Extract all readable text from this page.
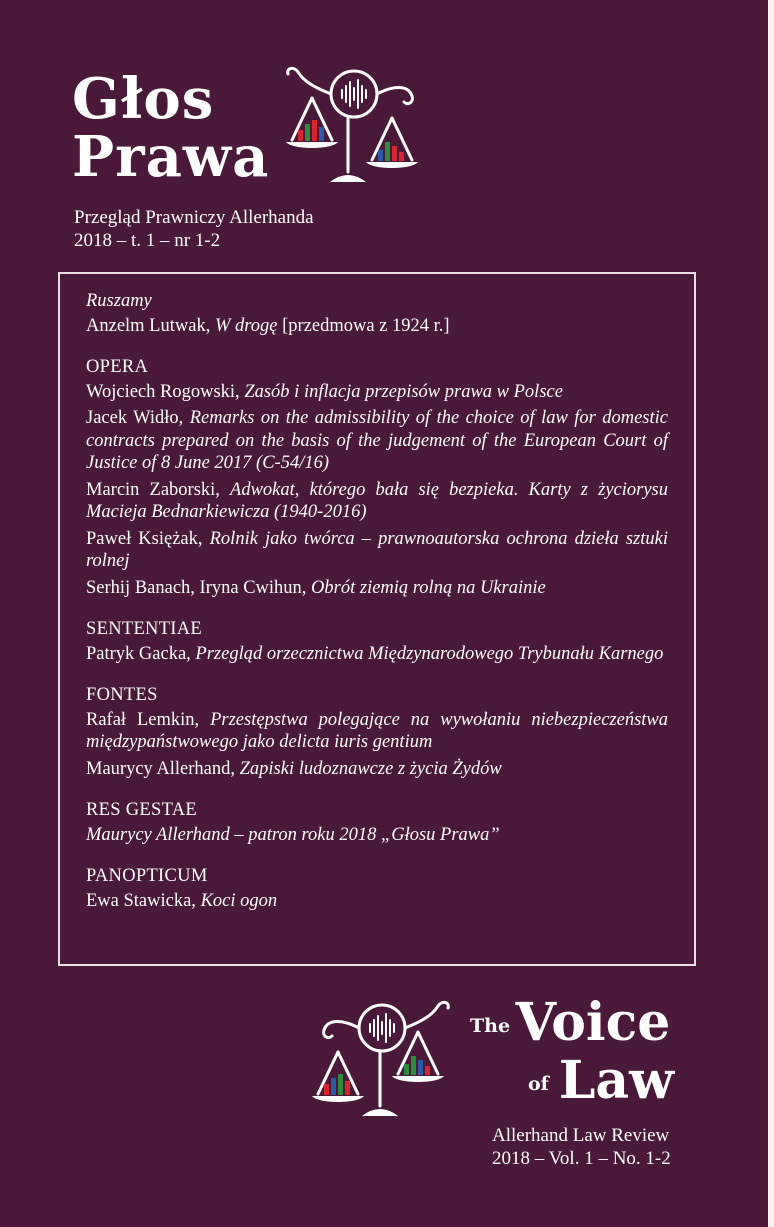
Głos
Prawa
Przegląd Prawniczy Allerhanda
2018 – t. 1 – nr 1-2
Ruszamy
Anzelm Lutwak, W drogę [przedmowa z 1924 r.]
OPERA
Wojciech Rogowski, Zasób i inflacja przepisów prawa w Polsce
Jacek Widło, Remarks on the admissibility of the choice of law for domestic contracts prepared on the basis of the judgement of the European Court of Justice of 8 June 2017 (C-54/16)
Marcin Zaborski, Adwokat, którego bała się bezpieka. Karty z życiorysu Macieja Bednarkiewicza (1940-2016)
Paweł Księżak, Rolnik jako twórca – prawnoautorska ochrona dzieła sztuki rolnej
Serhij Banach, Iryna Cwihun, Obrót ziemią rolną na Ukrainie
SENTENTIAE
Patryk Gacka, Przegląd orzecznictwa Międzynarodowego Trybunału Karnego
FONTES
Rafał Lemkin, Przestępstwa polegające na wywołaniu niebezpieczeństwa międzypaństwowego jako delicta iuris gentium
Maurycy Allerhand, Zapiski ludoznawcze z życia Żydów
RES GESTAE
Maurycy Allerhand – patron roku 2018 „Głosu Prawa”
PANOPTICUM
Ewa Stawicka, Koci ogon
The Voice
of Law
Allerhand Law Review
2018 – Vol. 1 – No. 1-2
